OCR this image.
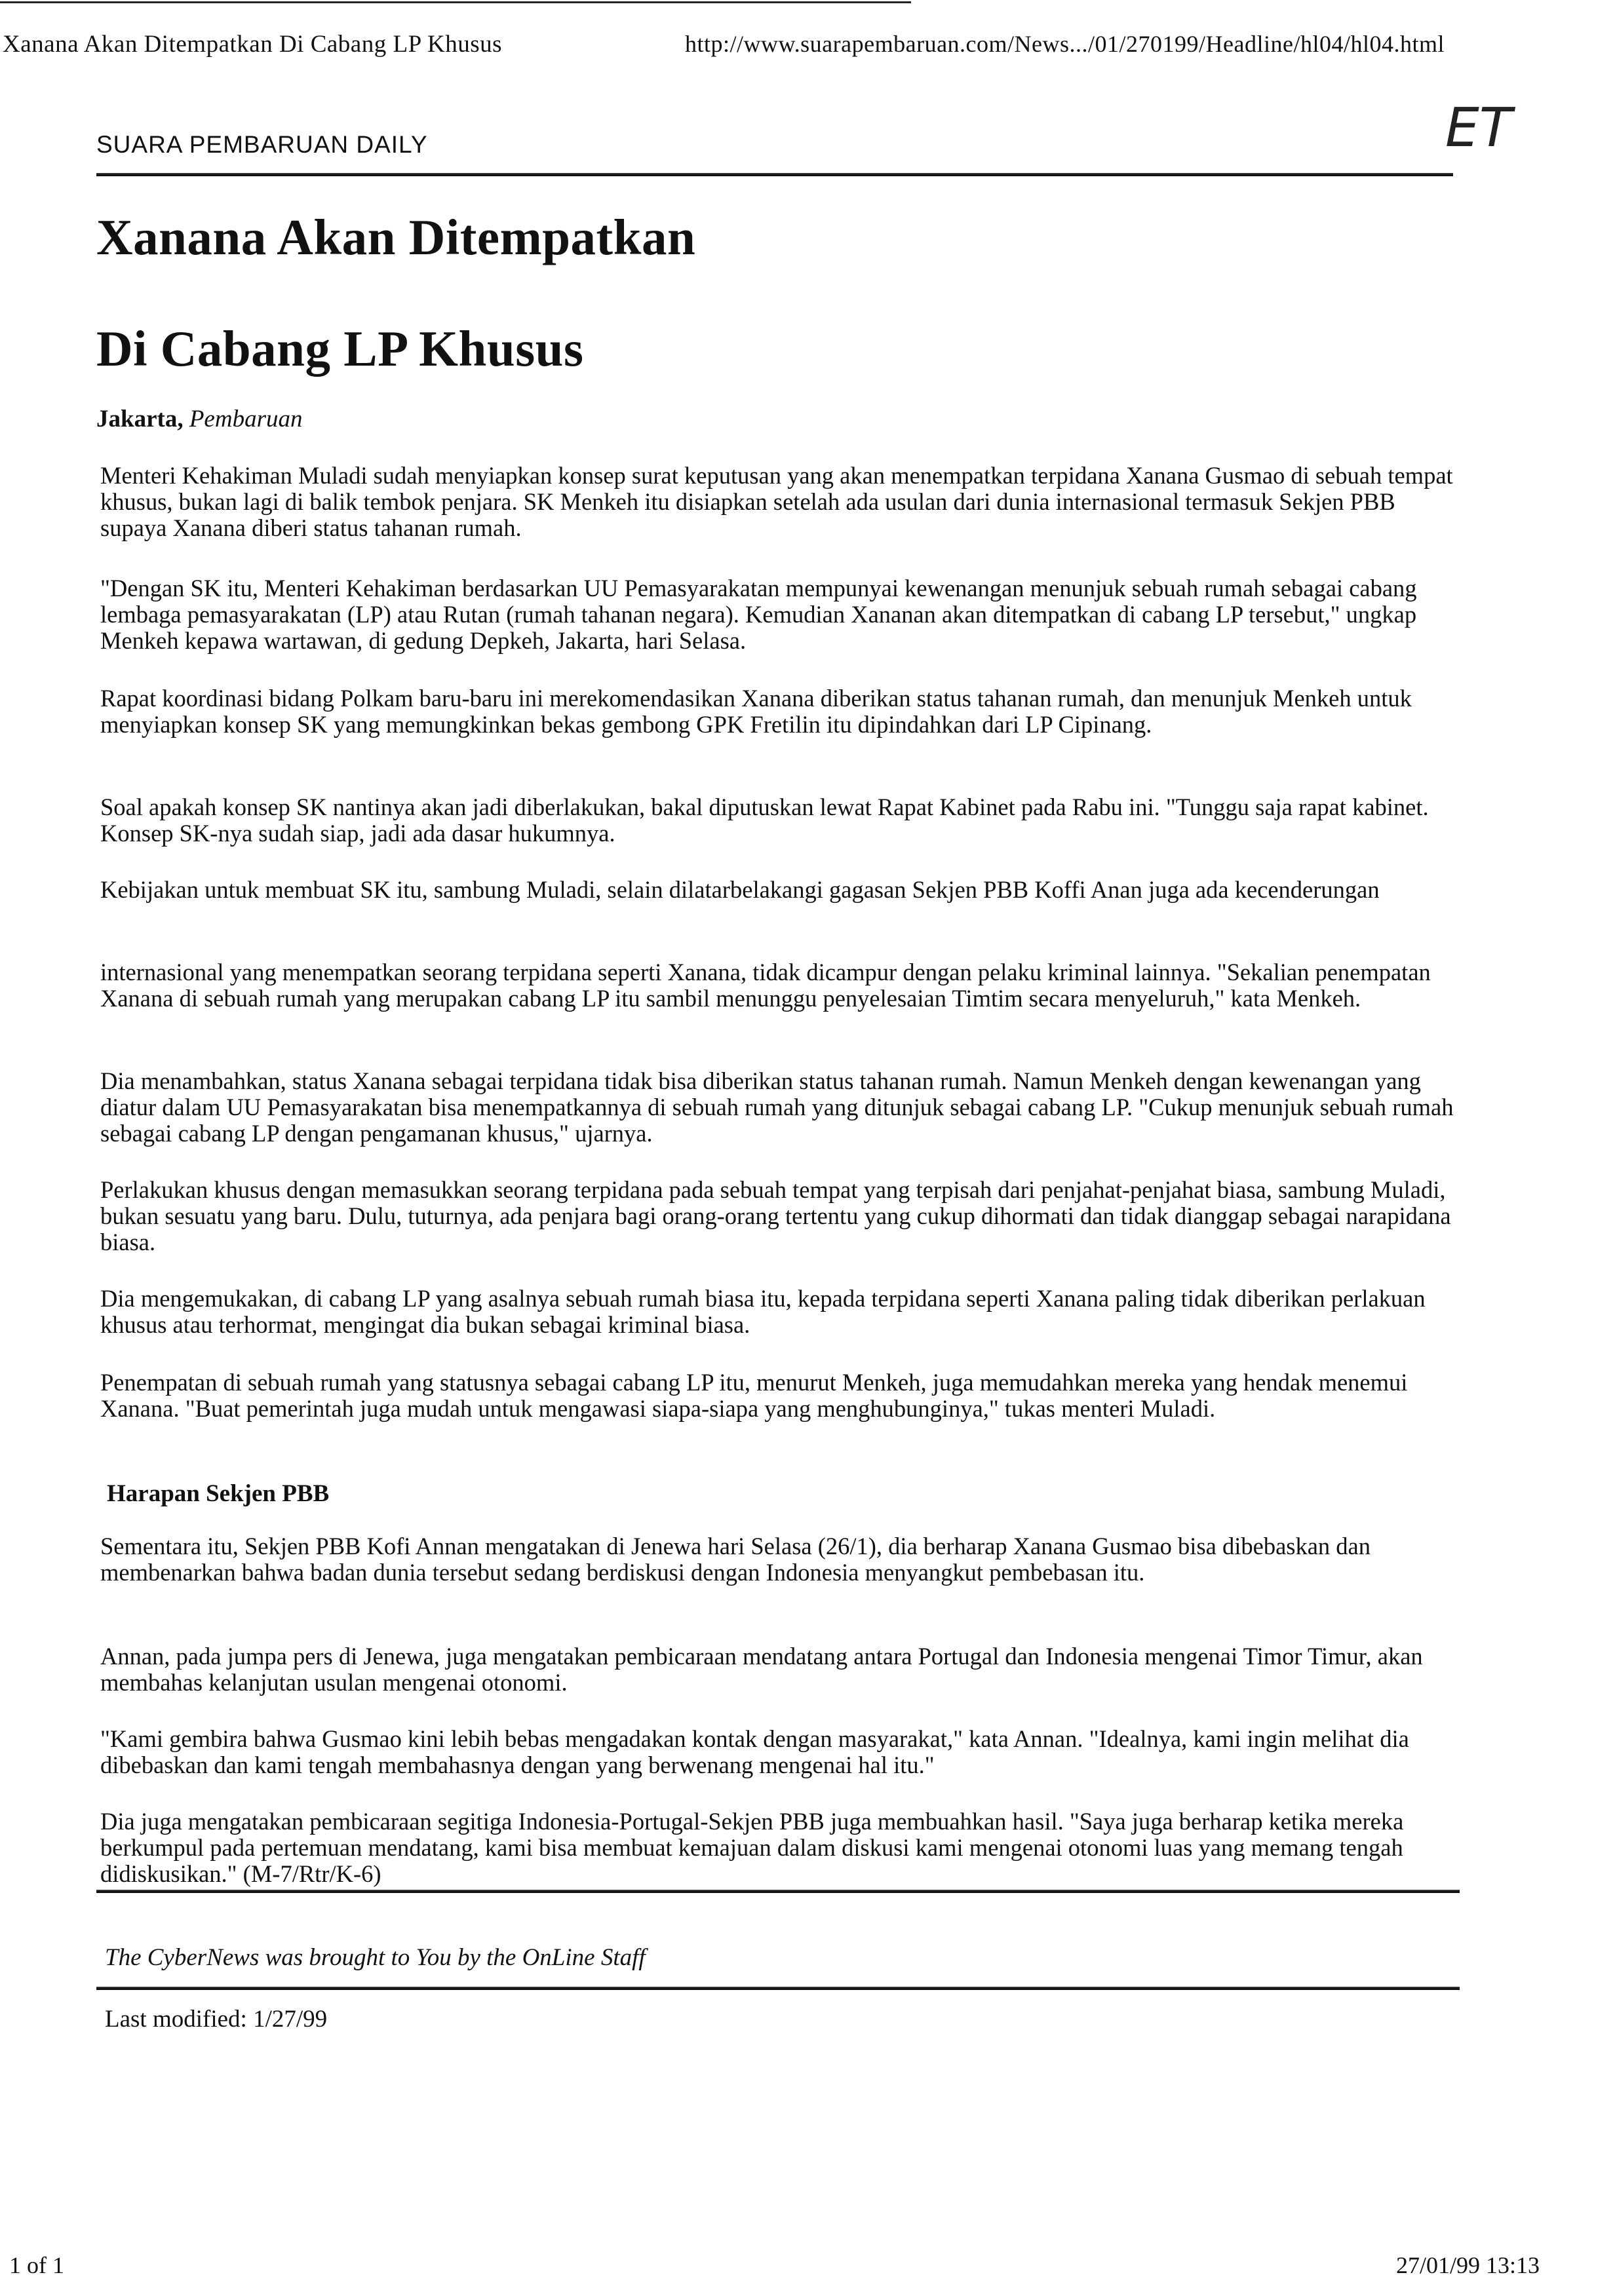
Xanana Akan Ditempatkan Di Cabang LP Khusus	http://www.suarapembaruan.com/News.../01/270199/Headline/hl04/hl04.html
ET
SUARA PEMBARUAN DAILY
Xanana Akan Ditempatkan
Di Cabang LP Khusus
Jakarta, Pembaruan

Menteri Kehakiman Muladi sudah menyiapkan konsep surat keputusan yang akan menempatkan terpidana Xanana Gusmao di sebuah tempat khusus, bukan lagi di balik tembok penjara. SK Menkeh itu disiapkan setelah ada usulan dari dunia internasional termasuk Sekjen PBB supaya Xanana diberi status tahanan rumah.

"Dengan SK itu, Menteri Kehakiman berdasarkan UU Pemasyarakatan mempunyai kewenangan menunjuk sebuah rumah sebagai cabang lembaga pemasyarakatan (LP) atau Rutan (rumah tahanan negara). Kemudian Xananan akan ditempatkan di cabang LP tersebut," ungkap Menkeh kepawa wartawan, di gedung Depkeh, Jakarta, hari Selasa.

Rapat koordinasi bidang Polkam baru-baru ini merekomendasikan Xanana diberikan status tahanan rumah, dan menunjuk Menkeh untuk menyiapkan konsep SK yang memungkinkan bekas gembong GPK Fretilin itu dipindahkan dari LP Cipinang.

Soal apakah konsep SK nantinya akan jadi diberlakukan, bakal diputuskan lewat Rapat Kabinet pada Rabu ini. "Tunggu saja rapat kabinet. Konsep SK-nya sudah siap, jadi ada dasar hukumnya.

Kebijakan untuk membuat SK itu, sambung Muladi, selain dilatarbelakangi gagasan Sekjen PBB Koffi Anan juga ada kecenderungan

internasional yang menempatkan seorang terpidana seperti Xanana, tidak dicampur dengan pelaku kriminal lainnya. "Sekalian penempatan Xanana di sebuah rumah yang merupakan cabang LP itu sambil menunggu penyelesaian Timtim secara menyeluruh," kata Menkeh.

Dia menambahkan, status Xanana sebagai terpidana tidak bisa diberikan status tahanan rumah. Namun Menkeh dengan kewenangan yang diatur dalam UU Pemasyarakatan bisa menempatkannya di sebuah rumah yang ditunjuk sebagai cabang LP. "Cukup menunjuk sebuah rumah sebagai cabang LP dengan pengamanan khusus," ujarnya.

Perlakukan khusus dengan memasukkan seorang terpidana pada sebuah tempat yang terpisah dari penjahat-penjahat biasa, sambung Muladi, bukan sesuatu yang baru. Dulu, tuturnya, ada penjara bagi orang-orang tertentu yang cukup dihormati dan tidak dianggap sebagai narapidana biasa.

Dia mengemukakan, di cabang LP yang asalnya sebuah rumah biasa itu, kepada terpidana seperti Xanana paling tidak diberikan perlakuan khusus atau terhormat, mengingat dia bukan sebagai kriminal biasa.

Penempatan di sebuah rumah yang statusnya sebagai cabang LP itu, menurut Menkeh, juga memudahkan mereka yang hendak menemui Xanana. "Buat pemerintah juga mudah untuk mengawasi siapa-siapa yang menghubunginya," tukas menteri Muladi.

Harapan Sekjen PBB

Sementara itu, Sekjen PBB Kofi Annan mengatakan di Jenewa hari Selasa (26/1), dia berharap Xanana Gusmao bisa dibebaskan dan membenarkan bahwa badan dunia tersebut sedang berdiskusi dengan Indonesia menyangkut pembebasan itu.

Annan, pada jumpa pers di Jenewa, juga mengatakan pembicaraan mendatang antara Portugal dan Indonesia mengenai Timor Timur, akan membahas kelanjutan usulan mengenai otonomi.

"Kami gembira bahwa Gusmao kini lebih bebas mengadakan kontak dengan masyarakat," kata Annan. "Idealnya, kami ingin melihat dia dibebaskan dan kami tengah membahasnya dengan yang berwenang mengenai hal itu."

Dia juga mengatakan pembicaraan segitiga Indonesia-Portugal-Sekjen PBB juga membuahkan hasil. "Saya juga berharap ketika mereka berkumpul pada pertemuan mendatang, kami bisa membuat kemajuan dalam diskusi kami mengenai otonomi luas yang memang tengah didiskusikan." (M-7/Rtr/K-6)

The CyberNews was brought to You by the OnLine Staff
Last modified: 1/27/99
1 of 1	27/01/99 13:13
